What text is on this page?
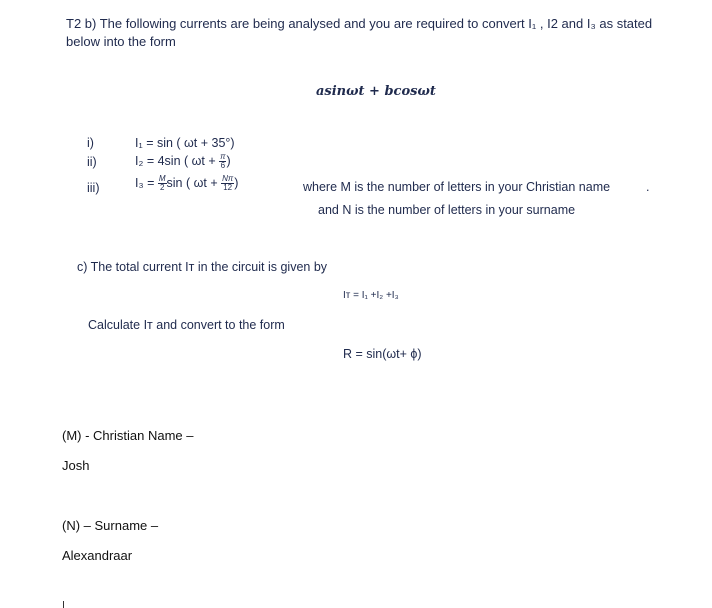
T2 b) The following currents are being analysed and you are required to convert I₁ , I2 and I₃ as stated
below into the form
asinωt + bcosωt
i)	I₁ = sin ( ωt + 35°)
ii)	I₂ = 4sin ( $\omega t + \frac{\pi}{6}$ )
iii)	$I_3 = \frac{M}{2}$ sin ( $\omega t + \frac{N\pi}{12}$ )	where M is the number of letters in your Christian name	.
and N is the number of letters in your surname
c) The total current Iᴛ in the circuit is given by
Iᴛ = I₁ +I₂ +I₃
Calculate Iᴛ and convert to the form
R = sin(ωt+ ϕ)
(M) - Christian Name –
Josh
(N) – Surname –
Alexandraar
